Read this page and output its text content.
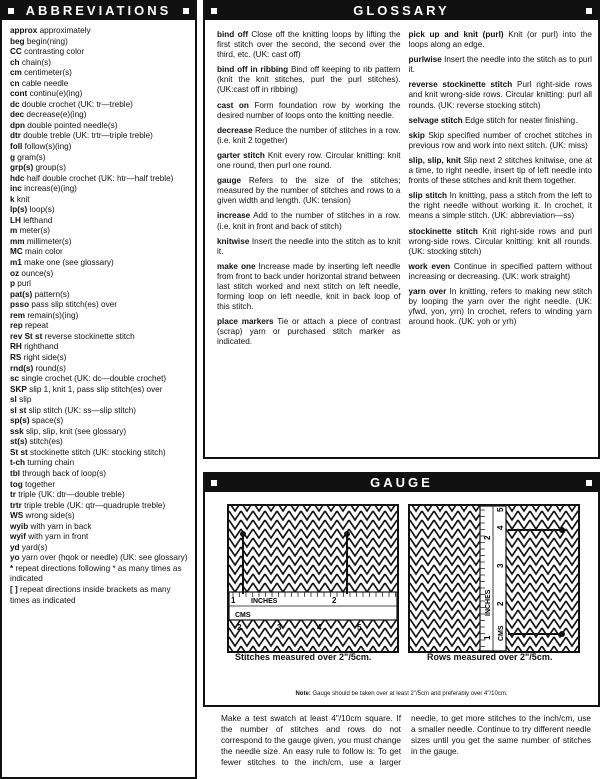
ABBREVIATIONS
approx approximately
beg begin(ning)
CC contrasting color
ch chain(s)
cm centimeter(s)
cn cable needle
cont continu(e)(ing)
dc double crochet (UK: tr—treble)
dec decrease(e)(ing)
dpn double pointed needle(s)
dtr double treble (UK: trtr—triple treble)
foll follow(s)(ing)
g gram(s)
grp(s) group(s)
hdc half double crochet (UK: htr—half treble)
inc increas(e)(ing)
k knit
lp(s) loop(s)
LH lefthand
m meter(s)
mm millimeter(s)
MC main color
m1 make one (see glossary)
oz ounce(s)
p purl
pat(s) pattern(s)
psso pass slip stitch(es) over
rem remain(s)(ing)
rep repeat
rev St st reverse stockinette stitch
RH righthand
RS right side(s)
rnd(s) round(s)
sc single crochet (UK: dc—double crochet)
SKP slip 1, knit 1, pass slip stitch(es) over
sl slip
sl st slip stitch (UK: ss—slip stitch)
sp(s) space(s)
ssk slip, slip, knit (see glossary)
st(s) stitch(es)
St st stockinette stitch (UK: stocking stitch)
t-ch turning chain
tbl through back of loop(s)
tog together
tr triple (UK: dtr—double treble)
trtr triple treble (UK: qtr—quadruple treble)
WS wrong side(s)
wyib with yarn in back
wyif with yarn in front
yd yard(s)
yo yarn over (hqok or needle) (UK: see glossary)
* repeat directions following * as many times as indicated
[ ] repeat directions inside brackets as many times as indicated
GLOSSARY
bind off Close off the knitting loops by lifting the first stitch over the second, the second over the third, etc. (UK: cast off)
bind off in ribbing Bind off keeping to rib pattern (knit the knit stitches, purl the purl stitches). (UK:cast off in ribbing)
cast on Form foundation row by working the desired number of loops onto the knitting needle.
decrease Reduce the number of stitches in a row. (i.e. knit 2 together)
garter stitch Knit every row. Circular knitting: knit one round, then purl one round.
gauge Refers to the size of the stitches; measured by the number of stitches and rows to a given width and length. (UK: tension)
increase Add to the number of stitches in a row. (i.e. knit in front and back of stitch)
knitwise Insert the needle into the stitch as to knit it.
make one Increase made by inserting left needle from front to back under horizontal strand between last stitch worked and next stitch on left needle, forming loop on left needle, knit in back loop of this stitch.
place markers Tie or attach a piece of contrast (scrap) yarn or purchased stitch marker as indicated.
pick up and knit (purl) Knit (or purl) into the loops along an edge.
purlwise Insert the needle into the stitch as to purl it.
reverse stockinette stitch Purl right-side rows and knit wrong-side rows. Circular knitting: purl all rounds. (UK: reverse stocking stitch)
selvage stitch Edge stitch for neater finishing.
skip Skip specified number of crochet stitches in previous row and work into next stitch. (UK: miss)
slip, slip, knit Slip next 2 stitches knitwise, one at a time, to right needle, insert tip of left needle into fronts of these stitches and knit them together.
slip stitch In knitting, pass a stitch from the left to the right needle without working it. In crochet, it means a simple stitch. (UK: abbreviation—ss)
stockinette stitch Knit right-side rows and purl wrong-side rows. Circular knitting: knit all rounds. (UK: stocking stitch)
work even Continue in specified pattern without increasing or decreasing. (UK: work straight)
yarn over In knitting, refers to making new stitch by looping the yarn over the right needle. (UK: yfwd, yon, yrn) In crochet, refers to winding yarn around hook. (UK: yoh or yrh)
GAUGE
INCHES
CMS
1	2
2	3	4	5
INCHES
CMS
1
2
2
3
4
5
Stitches measured over 2"/5cm.	Rows measured over 2"/5cm.
Note: Gauge should be taken over at least 2"/5cm and preferably over 4"/10cm.
Make a test swatch at least 4"/10cm square. If the number of stitches and rows do not correspond to the gauge given, you must change the needle size. An easy rule to follow is: To get fewer stitches to the inch/cm, use a larger needle, to get more stitches to the inch/cm, use a smaller needle. Continue to try different needle sizes until you get the same number of stitches in the gauge.
